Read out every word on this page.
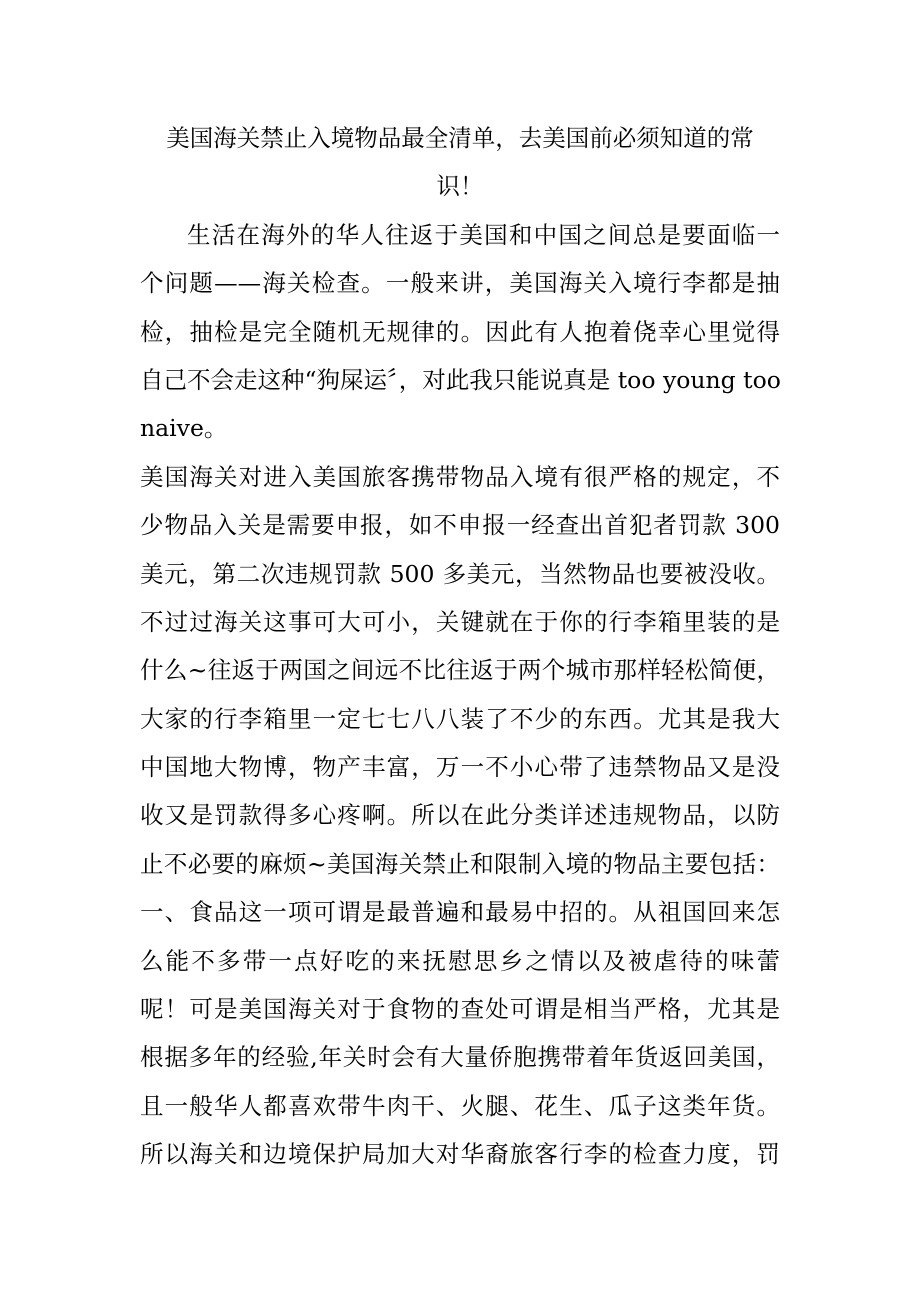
美国海关禁止入境物品最全清单，去美国前必须知道的常
识！
生活在海外的华人往返于美国和中国之间总是要面临一
个问题——海关检查。一般来讲，美国海关入境行李都是抽
检，抽检是完全随机无规律的。因此有人抱着侥幸心里觉得
自己不会走这种“狗屎运〞，对此我只能说真是 too young too
naive。
美国海关对进入美国旅客携带物品入境有很严格的规定，不
少物品入关是需要申报，如不申报一经查出首犯者罚款 300
美元，第二次违规罚款 500 多美元，当然物品也要被没收。
不过过海关这事可大可小，关键就在于你的行李箱里装的是
什么~往返于两国之间远不比往返于两个城市那样轻松简便，
大家的行李箱里一定七七八八装了不少的东西。尤其是我大
中国地大物博，物产丰富，万一不小心带了违禁物品又是没
收又是罚款得多心疼啊。所以在此分类详述违规物品，以防
止不必要的麻烦~美国海关禁止和限制入境的物品主要包括：
一、食品这一项可谓是最普遍和最易中招的。从祖国回来怎
么能不多带一点好吃的来抚慰思乡之情以及被虐待的味蕾
呢！可是美国海关对于食物的查处可谓是相当严格，尤其是
根据多年的经验,年关时会有大量侨胞携带着年货返回美国，
且一般华人都喜欢带牛肉干、火腿、花生、瓜子这类年货。
所以海关和边境保护局加大对华裔旅客行李的检查力度，罚
